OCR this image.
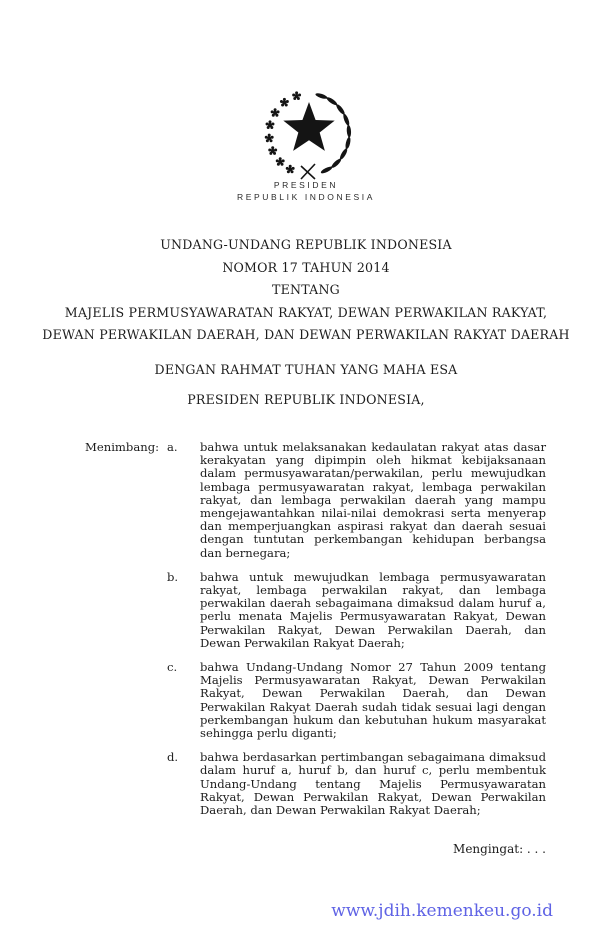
PRESIDEN
REPUBLIK INDONESIA
UNDANG-UNDANG REPUBLIK INDONESIA
NOMOR 17 TAHUN 2014
TENTANG
MAJELIS PERMUSYAWARATAN RAKYAT, DEWAN PERWAKILAN RAKYAT,
DEWAN PERWAKILAN DAERAH, DAN DEWAN PERWAKILAN RAKYAT DAERAH
DENGAN RAHMAT TUHAN YANG MAHA ESA
PRESIDEN REPUBLIK INDONESIA,
Menimbang: a.	bahwa untuk melaksanakan kedaulatan rakyat atas dasar kerakyatan yang dipimpin oleh hikmat kebijaksanaan dalam permusyawaratan/perwakilan, perlu mewujudkan lembaga permusyawaratan rakyat, lembaga perwakilan rakyat, dan lembaga perwakilan daerah yang mampu mengejawantahkan nilai-nilai demokrasi serta menyerap dan memperjuangkan aspirasi rakyat dan daerah sesuai dengan tuntutan perkembangan kehidupan berbangsa dan bernegara;
b.	bahwa untuk mewujudkan lembaga permusyawaratan rakyat, lembaga perwakilan rakyat, dan lembaga perwakilan daerah sebagaimana dimaksud dalam huruf a, perlu menata Majelis Permusyawaratan Rakyat, Dewan Perwakilan Rakyat, Dewan Perwakilan Daerah, dan Dewan Perwakilan Rakyat Daerah;
c.	bahwa Undang-Undang Nomor 27 Tahun 2009 tentang Majelis Permusyawaratan Rakyat, Dewan Perwakilan Rakyat, Dewan Perwakilan Daerah, dan Dewan Perwakilan Rakyat Daerah sudah tidak sesuai lagi dengan perkembangan hukum dan kebutuhan hukum masyarakat sehingga perlu diganti;
d.	bahwa berdasarkan pertimbangan sebagaimana dimaksud dalam huruf a, huruf b, dan huruf c, perlu membentuk Undang-Undang tentang Majelis Permusyawaratan Rakyat, Dewan Perwakilan Rakyat, Dewan Perwakilan Daerah, dan Dewan Perwakilan Rakyat Daerah;
Mengingat: . . .
www.jdih.kemenkeu.go.id
